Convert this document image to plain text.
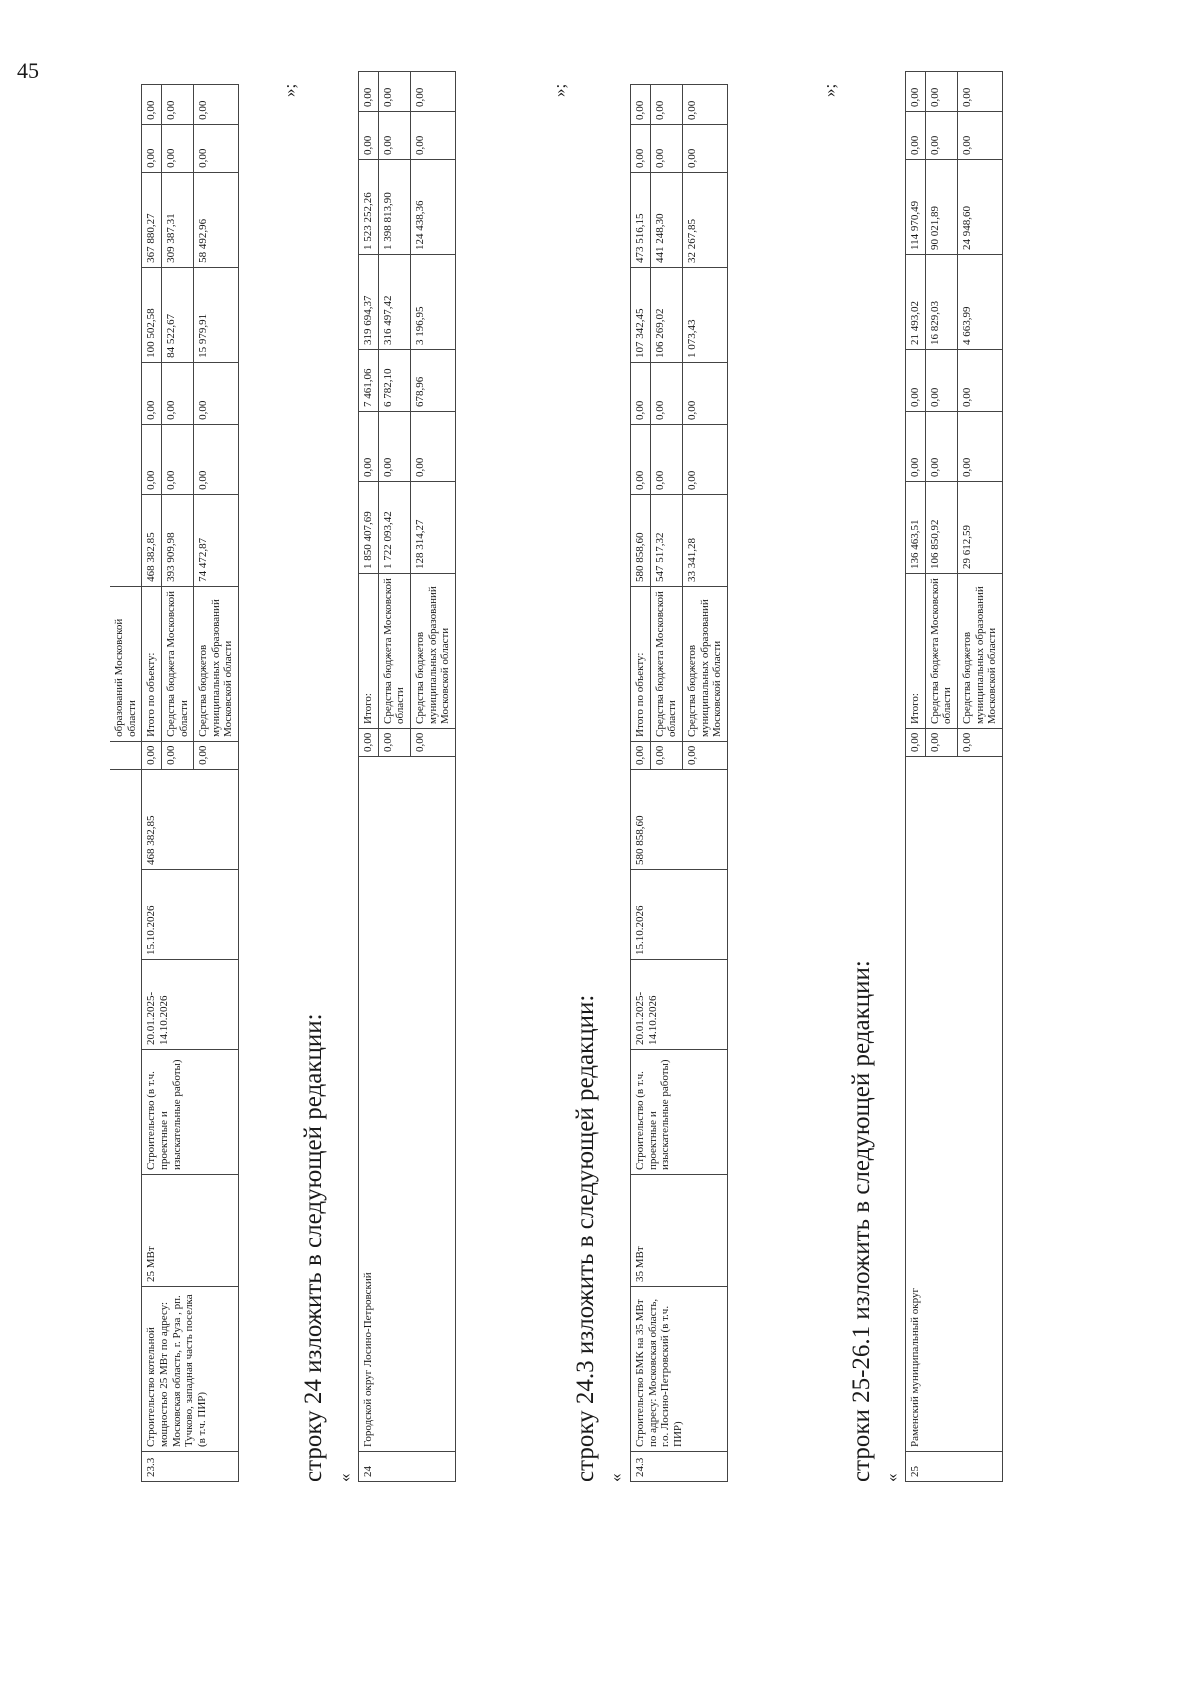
45
								образований Московской области							
23.3	Строительство котельной мощностью 25 МВт по адресу: Московская область, г. Руза , рп. Тучково, западная часть поселка (в т.ч. ПИР)	25 МВт	Строительство (в т.ч. проектные и изыскательные работы)	20.01.2025-14.10.2026	15.10.2026	468 382,85	0,00	Итого по объекту:	468 382,85	0,00	0,00	100 502,58	367 880,27	0,00	0,00
							0,00	Средства бюджета Московской области	393 909,98	0,00	0,00	84 522,67	309 387,31	0,00	0,00
							0,00	Средства бюджетов муниципальных образований Московской области	74 472,87	0,00	0,00	15 979,91	58 492,96	0,00	0,00
»;
строку 24 изложить в следующей редакции: «
24	Городской округ Лосино-Петровский	0,00	Итого:	1 850 407,69	0,00	7 461,06	319 694,37	1 523 252,26	0,00	0,00
		0,00	Средства бюджета Московской области	1 722 093,42	0,00	6 782,10	316 497,42	1 398 813,90	0,00	0,00
		0,00	Средства бюджетов муниципальных образований Московской области	128 314,27	0,00	678,96	3 196,95	124 438,36	0,00	0,00	»;
строку 24.3 изложить в следующей редакции: «
24.3	Строительство БМК на 35 МВт по адресу: Московская область, г.о. Лосино-Петровский (в т.ч. ПИР)	35 МВт	Строительство (в т.ч. проектные и изыскательные работы)	20.01.2025-14.10.2026	15.10.2026	580 858,60	0,00	Итого по объекту:	580 858,60	0,00	0,00	107 342,45	473 516,15	0,00	0,00
							0,00	Средства бюджета Московской области	547 517,32	0,00	0,00	106 269,02	441 248,30	0,00	0,00
							0,00	Средства бюджетов муниципальных образований Московской области	33 341,28	0,00	0,00	1 073,43	32 267,85	0,00	0,00
»;
строки 25-26.1 изложить в следующей редакции: «
25	Раменский муниципальный округ	0,00	Итого:	136 463,51	0,00	0,00	21 493,02	114 970,49	0,00	0,00
		0,00	Средства бюджета Московской области	106 850,92	0,00	0,00	16 829,03	90 021,89	0,00	0,00
		0,00	Средства бюджетов муниципальных образований Московской области	29 612,59	0,00	0,00	4 663,99	24 948,60	0,00	0,00
